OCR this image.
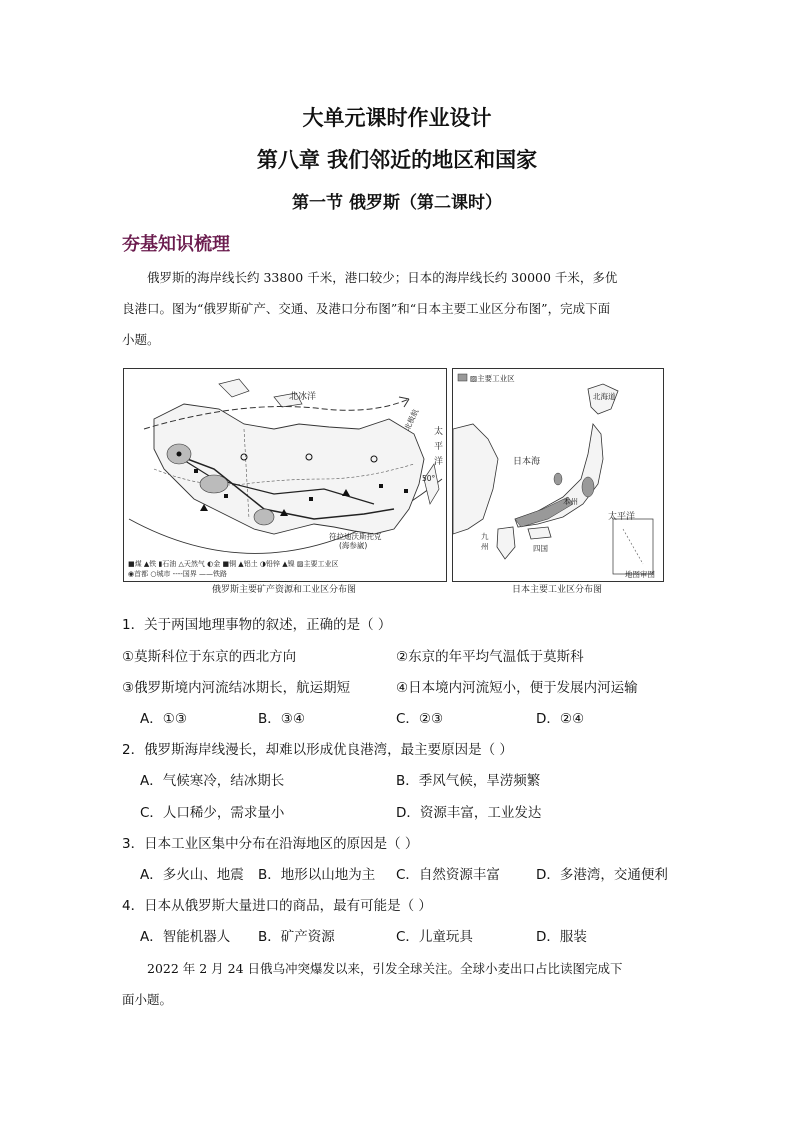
大单元课时作业设计
第八章 我们邻近的地区和国家
第一节 俄罗斯（第二课时）
夯基知识梳理
俄罗斯的海岸线长约 33800 千米，港口较少；日本的海岸线长约 30000 千米，多优
良港口。图为“俄罗斯矿产、交通、及港口分布图”和“日本主要工业区分布图”，完成下面
小题。
北冰洋
北极航
太
平
洋
50°
符拉迪沃斯托克
(海参崴)
■煤 ▲铁 ▮石油 △天然气 ◐金 ■铜 ▲铝土 ◑铅锌 ▲镍 ▨主要工业区
◉首都 ○城市 ----国界 ——铁路
俄罗斯主要矿产资源和工业区分布图
▨主要工业区
北海道
日本海
本州
太平洋
四国
九
州
地图审图
日本主要工业区分布图
1．关于两国地理事物的叙述，正确的是（ ）
①莫斯科位于东京的西北方向	②东京的年平均气温低于莫斯科
③俄罗斯境内河流结冰期长，航运期短	④日本境内河流短小，便于发展内河运输
A．①③	B．③④	C．②③	D．②④
2．俄罗斯海岸线漫长，却难以形成优良港湾，最主要原因是（ ）
A．气候寒冷，结冰期长	B．季风气候，旱涝频繁
C．人口稀少，需求量小	D．资源丰富，工业发达
3．日本工业区集中分布在沿海地区的原因是（ ）
A．多火山、地震 B．地形以山地为主 C．自然资源丰富	D．多港湾，交通便利
4．日本从俄罗斯大量进口的商品，最有可能是（ ）
A．智能机器人 B．矿产资源	C．儿童玩具	D．服装
2022 年 2 月 24 日俄乌冲突爆发以来，引发全球关注。全球小麦出口占比读图完成下
面小题。
